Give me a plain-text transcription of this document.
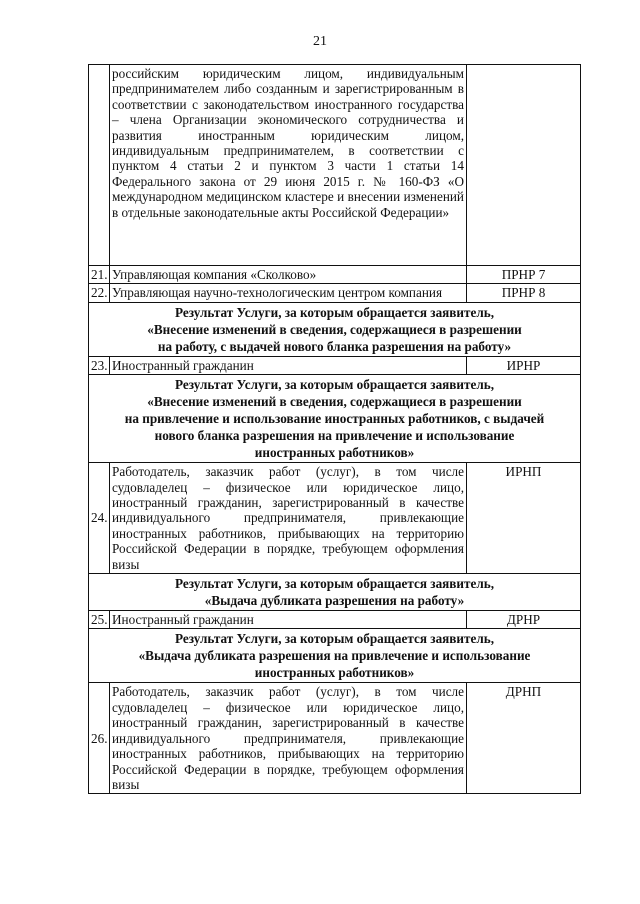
21
	российским юридическим лицом, индивидуальным предпринимателем либо созданным и зарегистрированным в соответствии с законодательством иностранного государства – члена Организации экономического сотрудничества и развития иностранным юридическим лицом, индивидуальным предпринимателем, в соответствии с пунктом 4 статьи 2 и пунктом 3 части 1 статьи 14 Федерального закона от 29 июня 2015 г. № 160-ФЗ «О международном медицинском кластере и внесении изменений в отдельные законодательные акты Российской Федерации»	
21.	Управляющая компания «Сколково»	ПРНР 7
22.	Управляющая научно-технологическим центром компания	ПРНР 8

Результат Услуги, за которым обращается заявитель,
«Внесение изменений в сведения, содержащиеся в разрешении
на работу, с выдачей нового бланка разрешения на работу»		

23.	Иностранный гражданин	ИРНР

Результат Услуги, за которым обращается заявитель,
«Внесение изменений в сведения, содержащиеся в разрешении
на привлечение и использование иностранных работников, с выдачей
нового бланка разрешения на привлечение и использование
иностранных работников»		

24.	Работодатель, заказчик работ (услуг), в том числе судовладелец – физическое или юридическое лицо, иностранный гражданин, зарегистрированный в качестве индивидуального предпринимателя, привлекающие иностранных работников, прибывающих на территорию Российской Федерации в порядке, требующем оформления визы	ИРНП

Результат Услуги, за которым обращается заявитель,
«Выдача дубликата разрешения на работу»		

25.	Иностранный гражданин	ДРНР

Результат Услуги, за которым обращается заявитель,
«Выдача дубликата разрешения на привлечение и использование
иностранных работников»		

26.	Работодатель, заказчик работ (услуг), в том числе судовладелец – физическое или юридическое лицо, иностранный гражданин, зарегистрированный в качестве индивидуального предпринимателя, привлекающие иностранных работников, прибывающих на территорию Российской Федерации в порядке, требующем оформления визы	ДРНП
